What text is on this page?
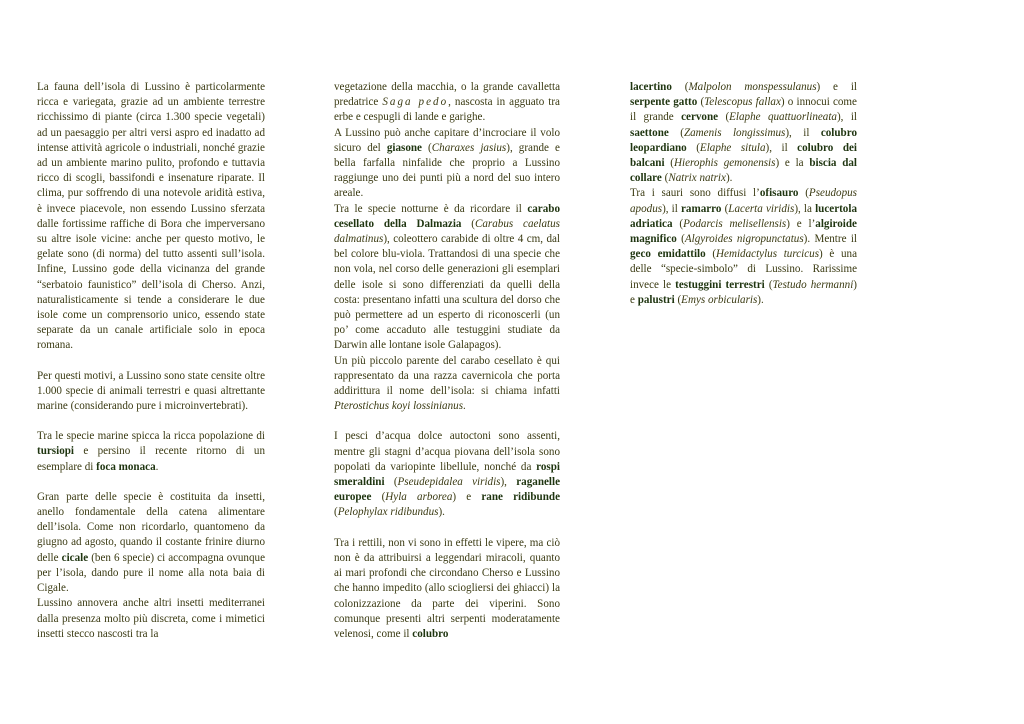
La fauna dell’isola di Lussino è particolarmente ricca e variegata, grazie ad un ambiente terrestre ricchissimo di piante (circa 1.300 specie vegetali) ad un paesaggio per altri versi aspro ed inadatto ad intense attività agricole o industriali, nonché grazie ad un ambiente marino pulito, profondo e tuttavia ricco di scogli, bassifondi e insenature riparate. Il clima, pur soffrendo di una notevole aridità estiva, è invece piacevole, non essendo Lussino sferzata dalle fortissime raffiche di Bora che imperversano su altre isole vicine: anche per questo motivo, le gelate sono (di norma) del tutto assenti sull’isola. Infine, Lussino gode della vicinanza del grande “serbatoio faunistico” dell’isola di Cherso. Anzi, naturalisticamente si tende a considerare le due isole come un comprensorio unico, essendo state separate da un canale artificiale solo in epoca romana.

Per questi motivi, a Lussino sono state censite oltre 1.000 specie di animali terrestri e quasi altrettante marine (considerando pure i microinvertebrati).

Tra le specie marine spicca la ricca popolazione di tursiopi e persino il recente ritorno di un esemplare di foca monaca.

Gran parte delle specie è costituita da insetti, anello fondamentale della catena alimentare dell’isola. Come non ricordarlo, quantomeno da giugno ad agosto, quando il costante frinire diurno delle cicale (ben 6 specie) ci accompagna ovunque per l’isola, dando pure il nome alla nota baia di Cigale.

Lussino annovera anche altri insetti mediterranei dalla presenza molto più discreta, come i mimetici insetti stecco nascosti tra la

vegetazione della macchia, o la grande cavalletta predatrice Saga pedo, nascosta in agguato tra erbe e cespugli di lande e garighe.

A Lussino può anche capitare d’incrociare il volo sicuro del giasone (Charaxes jasius), grande e bella farfalla ninfalide che proprio a Lussino raggiunge uno dei punti più a nord del suo intero areale.

Tra le specie notturne è da ricordare il carabo cesellato della Dalmazia (Carabus caelatus dalmatinus), coleottero carabide di oltre 4 cm, dal bel colore blu-viola. Trattandosi di una specie che non vola, nel corso delle generazioni gli esemplari delle isole si sono differenziati da quelli della costa: presentano infatti una scultura del dorso che può permettere ad un esperto di riconoscerli (un po’ come accaduto alle testuggini studiate da Darwin alle lontane isole Galapagos).

Un più piccolo parente del carabo cesellato è qui rappresentato da una razza cavernicola che porta addirittura il nome dell’isola: si chiama infatti Pterostichus koyi lossinianus.

I pesci d’acqua dolce autoctoni sono assenti, mentre gli stagni d’acqua piovana dell’isola sono popolati da variopinte libellule, nonché da rospi smeraldini (Pseudepidalea viridis), raganelle europee (Hyla arborea) e rane ridibunde (Pelophylax ridibundus).

Tra i rettili, non vi sono in effetti le vipere, ma ciò non è da attribuirsi a leggendari miracoli, quanto ai mari profondi che circondano Cherso e Lussino che hanno impedito (allo sciogliersi dei ghiacci) la colonizzazione da parte dei viperini. Sono comunque presenti altri serpenti moderatamente velenosi, come il colubro

lacertino (Malpolon monspessulanus) e il serpente gatto (Telescopus fallax) o innocui come il grande cervone (Elaphe quattuorlineata), il saettone (Zamenis longissimus), il colubro leopardiano (Elaphe situla), il colubro dei balcani (Hierophis gemonensis) e la biscia dal collare (Natrix natrix).

Tra i sauri sono diffusi l’ofisauro (Pseudopus apodus), il ramarro (Lacerta viridis), la lucertola adriatica (Podarcis melisellensis) e l’algiroide magnifico (Algyroides nigropunctatus). Mentre il geco emidattilo (Hemidactylus turcicus) è una delle “specie-simbolo” di Lussino. Rarissime invece le testuggini terrestri (Testudo hermanni) e palustri (Emys orbicularis).
